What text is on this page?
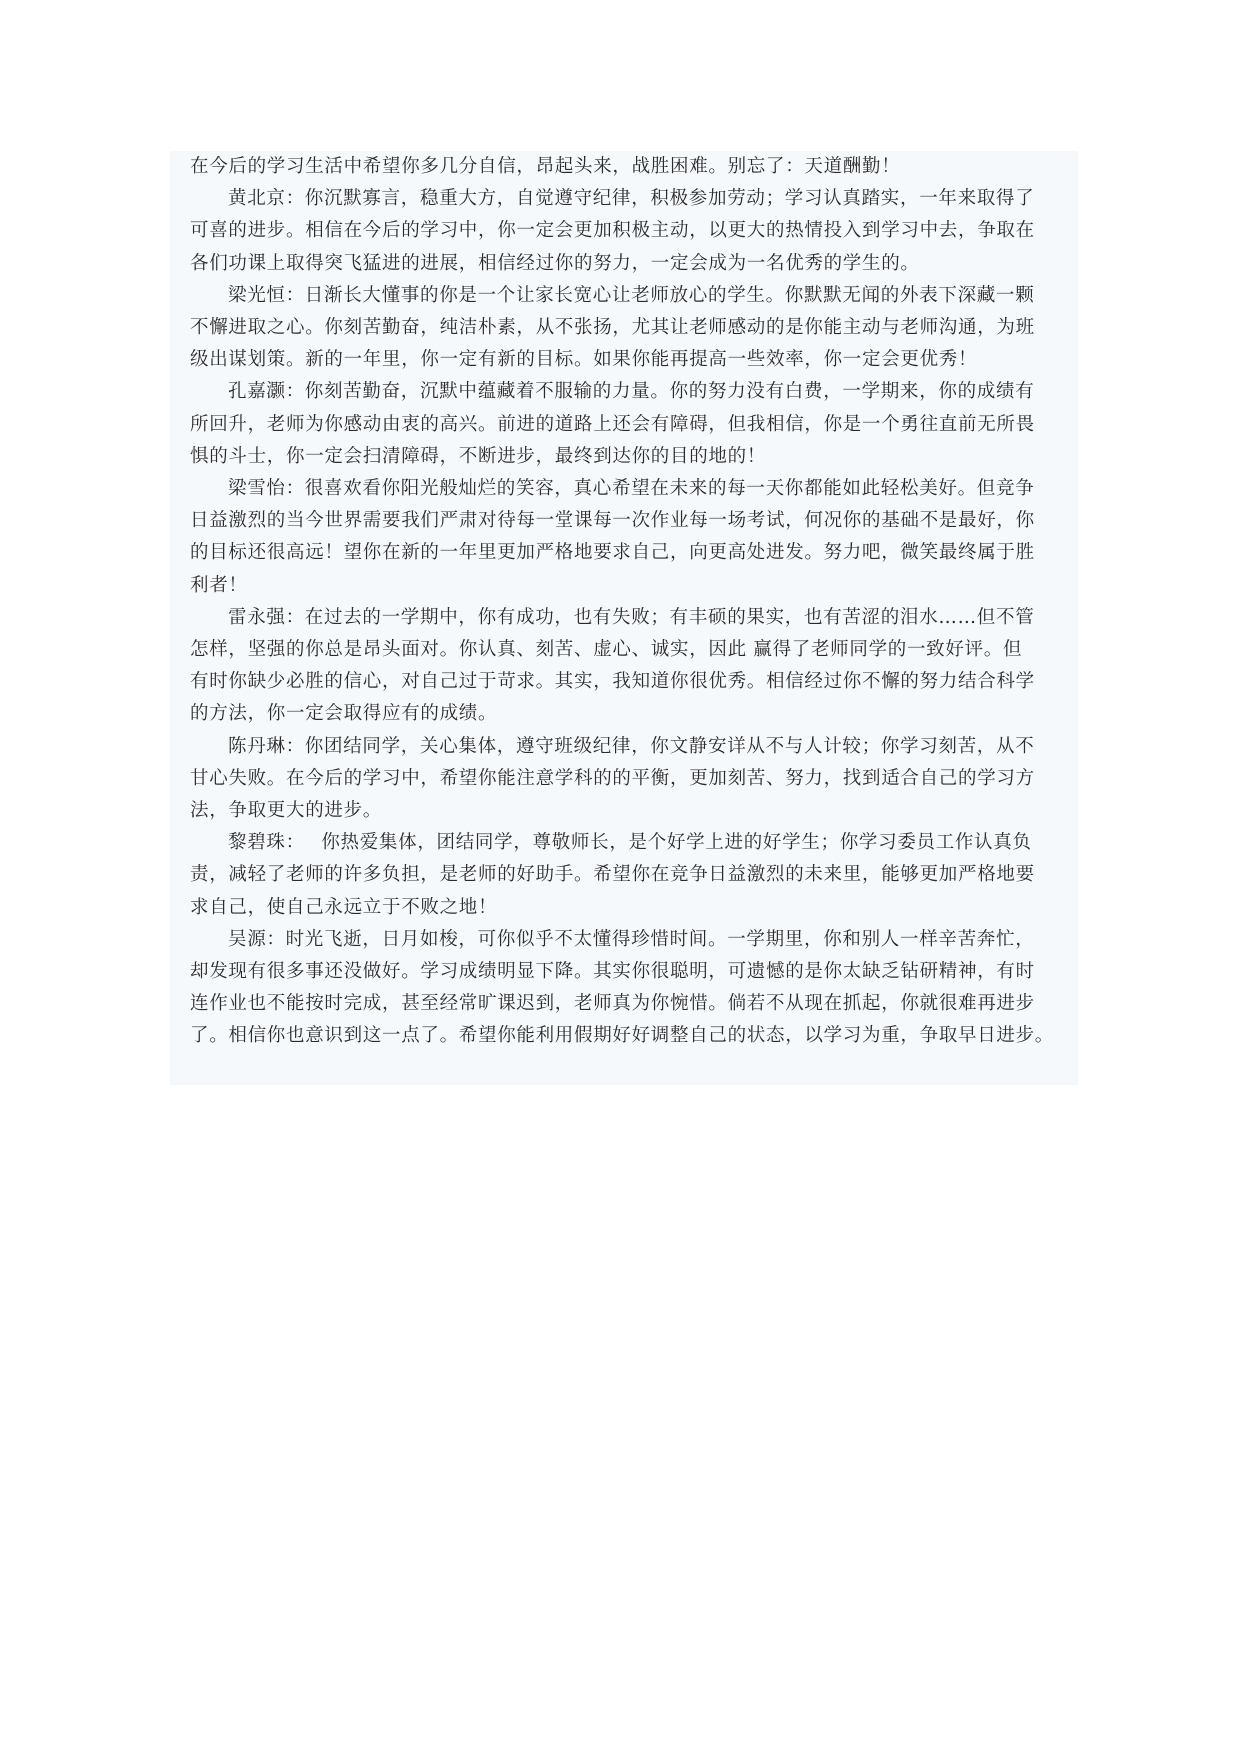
在今后的学习生活中希望你多几分自信，昂起头来，战胜困难。别忘了：天道酬勤！

黄北京：你沉默寡言，稳重大方，自觉遵守纪律，积极参加劳动；学习认真踏实，一年来取得了
可喜的进步。相信在今后的学习中，你一定会更加积极主动，以更大的热情投入到学习中去，争取在
各们功课上取得突飞猛进的进展，相信经过你的努力，一定会成为一名优秀的学生的。

梁光恒：日渐长大懂事的你是一个让家长宽心让老师放心的学生。你默默无闻的外表下深藏一颗
不懈进取之心。你刻苦勤奋，纯洁朴素，从不张扬，尤其让老师感动的是你能主动与老师沟通，为班
级出谋划策。新的一年里，你一定有新的目标。如果你能再提高一些效率，你一定会更优秀！

孔嘉灏：你刻苦勤奋，沉默中蕴藏着不服输的力量。你的努力没有白费，一学期来，你的成绩有
所回升，老师为你感动由衷的高兴。前进的道路上还会有障碍，但我相信，你是一个勇往直前无所畏
惧的斗士，你一定会扫清障碍，不断进步，最终到达你的目的地的！

梁雪怡：很喜欢看你阳光般灿烂的笑容，真心希望在未来的每一天你都能如此轻松美好。但竞争
日益激烈的当今世界需要我们严肃对待每一堂课每一次作业每一场考试，何况你的基础不是最好，你
的目标还很高远！望你在新的一年里更加严格地要求自己，向更高处进发。努力吧，微笑最终属于胜
利者！

雷永强：在过去的一学期中，你有成功，也有失败；有丰硕的果实，也有苦涩的泪水……但不管
怎样，坚强的你总是昂头面对。你认真、刻苦、虚心、诚实，因此 赢得了老师同学的一致好评。但
有时你缺少必胜的信心，对自己过于苛求。其实，我知道你很优秀。相信经过你不懈的努力结合科学
的方法，你一定会取得应有的成绩。

陈丹琳：你团结同学，关心集体，遵守班级纪律，你文静安详从不与人计较；你学习刻苦，从不
甘心失败。在今后的学习中，希望你能注意学科的的平衡，更加刻苦、努力，找到适合自己的学习方
法，争取更大的进步。

黎碧珠：　 你热爱集体，团结同学，尊敬师长，是个好学上进的好学生；你学习委员工作认真负
责，减轻了老师的许多负担，是老师的好助手。希望你在竞争日益激烈的未来里，能够更加严格地要
求自己，使自己永远立于不败之地！

吴源：时光飞逝，日月如梭，可你似乎不太懂得珍惜时间。一学期里，你和别人一样辛苦奔忙，
却发现有很多事还没做好。学习成绩明显下降。其实你很聪明，可遗憾的是你太缺乏钻研精神，有时
连作业也不能按时完成，甚至经常旷课迟到，老师真为你惋惜。倘若不从现在抓起，你就很难再进步
了。相信你也意识到这一点了。希望你能利用假期好好调整自己的状态，以学习为重，争取早日进步。
